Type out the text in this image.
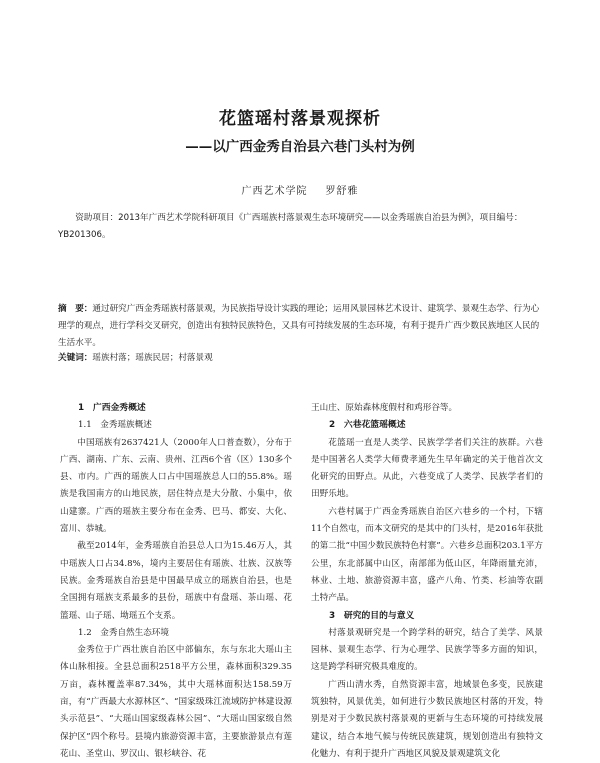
花篮瑶村落景观探析
——以广西金秀自治县六巷门头村为例
广西艺术学院 罗舒雅

资助项目：2013年广西艺术学院科研项目《广西瑶族村落景观生态环境研究——以金秀瑶族自治县为例》，项目编号：YB201306。

摘　要：通过研究广西金秀瑶族村落景观，为民族指导设计实践的理论；运用风景园林艺术设计、建筑学、景观生态学、行为心理学的观点，进行学科交叉研究，创造出有独特民族特色，又具有可持续发展的生态环境，有利于提升广西少数民族地区人民的生活水平。

关键词：瑶族村落；瑶族民居；村落景观

1　广西金秀概述
1.1　金秀瑶族概述

中国瑶族有2637421人（2000年人口普查数），分布于广西、湖南、广东、云南、贵州、江西6个省（区）130多个县、市内。广西的瑶族人口占中国瑶族总人口的55.8%。瑶族是我国南方的山地民族，居住特点是大分散、小集中，依山建寨。广西的瑶族主要分布在金秀、巴马、都安、大化、富川、恭城。

截至2014年，金秀瑶族自治县总人口为15.46万人，其中瑶族人口占34.8%，境内主要居住有瑶族、壮族、汉族等民族。金秀瑶族自治县是中国最早成立的瑶族自治县，也是全国拥有瑶族支系最多的县份，瑶族中有盘瑶、茶山瑶、花篮瑶、山子瑶、坳瑶五个支系。

1.2　金秀自然生态环境

金秀位于广西壮族自治区中部偏东，东与东北大瑶山主体山脉相接。全县总面积2518平方公里，森林面积329.35万亩，森林覆盖率87.34%，其中大瑶林面积达158.59万亩，有“广西最大水源林区”、“国家级珠江流域防护林建设源头示范县”、“大瑶山国家级森林公园”、“大瑶山国家级自然保护区”四个称号。县境内旅游资源丰富，主要旅游景点有莲花山、圣堂山、罗汉山、银杉峡谷、花

王山庄、原始森林度假村和鸡形谷等。

2　六巷花篮瑶概述

花篮瑶一直是人类学、民族学学者们关注的族群。六巷是中国著名人类学大师费孝通先生早年确定的关于他首次文化研究的田野点。从此，六巷变成了人类学、民族学者们的田野乐地。

六巷村属于广西金秀瑶族自治区六巷乡的一个村，下辖11个自然屯，而本文研究的是其中的门头村，是2016年获批的第二批“中国少数民族特色村寨”。六巷乡总面积203.1平方公里，东北部属中山区，南部部为低山区，年降雨量充沛，林业、土地、旅游资源丰富，盛产八角、竹类、杉油等农副土特产品。

3　研究的目的与意义

村落景观研究是一个跨学科的研究，结合了美学、风景园林、景观生态学、行为心理学、民族学等多方面的知识，这是跨学科研究极具难度的。

广西山清水秀，自然资源丰富，地域景色多变，民族建筑独特，风景优美，如何进行少数民族地区村落的开发，特别是对于少数民族村落景观的更新与生态环境的可持续发展建议，结合本地气候与传统民族建筑，规划创造出有独特文化魅力、有利于提升广西地区风貌及景观建筑文化
